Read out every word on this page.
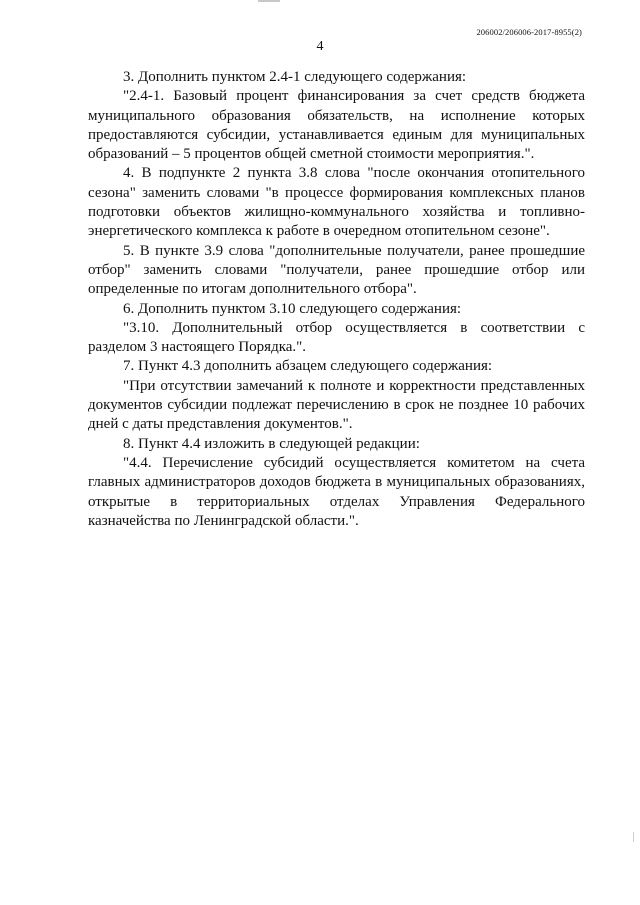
206002/206006-2017-8955(2)
4

3. Дополнить пунктом 2.4-1 следующего содержания:

"2.4-1. Базовый процент финансирования за счет средств бюджета муниципального образования обязательств, на исполнение которых предоставляются субсидии, устанавливается единым для муниципальных образований – 5 процентов общей сметной стоимости мероприятия.".

4. В подпункте 2 пункта 3.8 слова "после окончания отопительного сезона" заменить словами "в процессе формирования комплексных планов подготовки объектов жилищно-коммунального хозяйства и топливно-энергетического комплекса к работе в очередном отопительном сезоне".

5. В пункте 3.9 слова "дополнительные получатели, ранее прошедшие отбор" заменить словами "получатели, ранее прошедшие отбор или определенные по итогам дополнительного отбора".

6. Дополнить пунктом 3.10 следующего содержания:

"3.10. Дополнительный отбор осуществляется в соответствии с разделом 3 настоящего Порядка.".

7. Пункт 4.3 дополнить абзацем следующего содержания:

"При отсутствии замечаний к полноте и корректности представленных документов субсидии подлежат перечислению в срок не позднее 10 рабочих дней с даты представления документов.".

8. Пункт 4.4 изложить в следующей редакции:

"4.4. Перечисление субсидий осуществляется комитетом на счета главных администраторов доходов бюджета в муниципальных образованиях, открытые в территориальных отделах Управления Федерального казначейства по Ленинградской области.".
